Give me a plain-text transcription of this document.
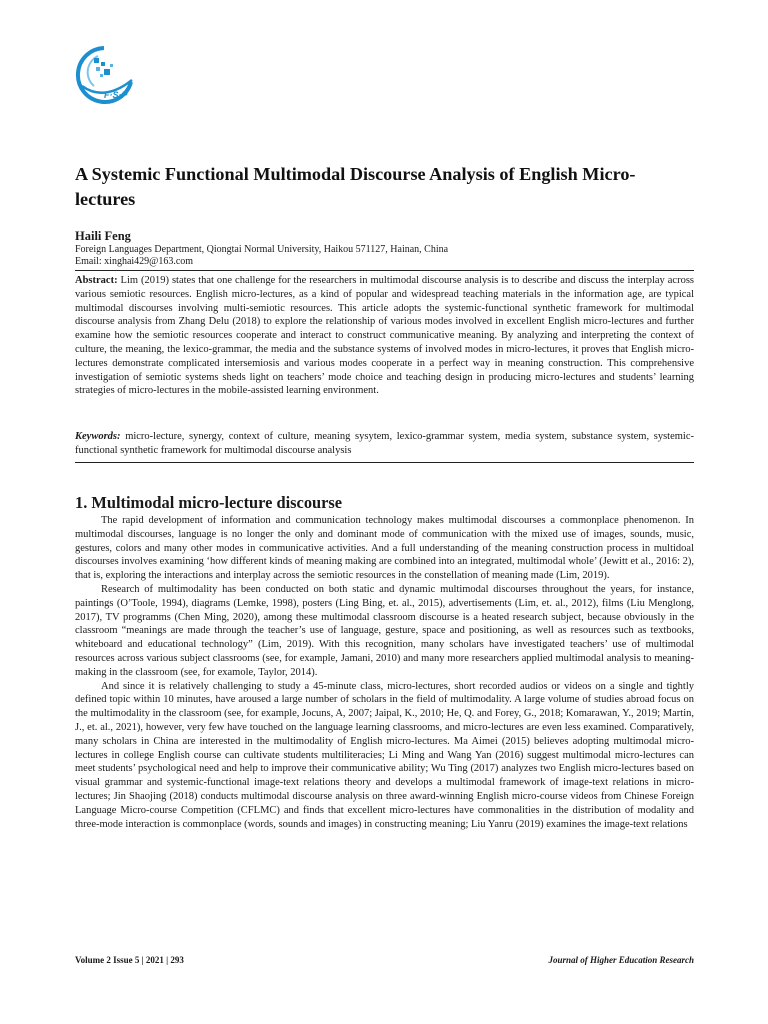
F·S·P
A Systemic Functional Multimodal Discourse Analysis of English Micro-lectures

Haili Feng

Foreign Languages Department, Qiongtai Normal University, Haikou 571127, Hainan, China

Email: xinghai429@163.com

Abstract: Lim (2019) states that one challenge for the researchers in multimodal discourse analysis is to describe and discuss the interplay across various semiotic resources. English micro-lectures, as a kind of popular and widespread teaching materials in the information age, are typical multimodal discourses involving multi-semiotic resources. This article adopts the systemic-functional synthetic framework for multimodal discourse analysis from Zhang Delu (2018) to explore the relationship of various modes involved in excellent English micro-lectures and further examine how the semiotic resources cooperate and interact to construct communicative meaning. By analyzing and interpreting the context of culture, the meaning, the lexico-grammar, the media and the substance systems of involved modes in micro-lectures, it proves that English micro-lectures demonstrate complicated intersemiosis and various modes cooperate in a perfect way in meaning construction. This comprehensive investigation of semiotic systems sheds light on teachers’ mode choice and teaching design in producing micro-lectures and students’ learning strategies of micro-lectures in the mobile-assisted learning environment.

Keywords: micro-lecture, synergy, context of culture, meaning sysytem, lexico-grammar system, media system, substance system, systemic-functional synthetic framework for multimodal discourse analysis

1. Multimodal micro-lecture discourse

The rapid development of information and communication technology makes multimodal discourses a commonplace phenomenon. In multimodal discourses, language is no longer the only and dominant mode of communication with the mixed use of images, sounds, music, gestures, colors and many other modes in communicative activities. And a full understanding of the meaning construction process in multidoal discourses involves examining ‘how different kinds of meaning making are combined into an integrated, multimodal whole’ (Jewitt et al., 2016: 2), that is, exploring the interactions and interplay across the semiotic resources in the constellation of meaning made (Lim, 2019).

Research of multimodality has been conducted on both static and dynamic multimodal discourses throughout the years, for instance, paintings (O’Toole, 1994), diagrams (Lemke, 1998), posters (Ling Bing, et. al., 2015), advertisements (Lim, et. al., 2012), films (Liu Menglong, 2017), TV programms (Chen Ming, 2020), among these multimodal classroom discourse is a heated research subject, because obviously in the classroom “meanings are made through the teacher’s use of language, gesture, space and positioning, as well as resources such as textbooks, whiteboard and educational technology” (Lim, 2019). With this recognition, many scholars have investigated teachers’ use of multimodal resources across various subject classrooms (see, for example, Jamani, 2010) and many more researchers applied multimodal analysis to meaning-making in the classroom (see, for examole, Taylor, 2014).

And since it is relatively challenging to study a 45-minute class, micro-lectures, short recorded audios or videos on a single and tightly defined topic within 10 minutes, have aroused a large number of scholars in the field of multimodality. A large volume of studies abroad focus on the multimodality in the classroom (see, for example, Jocuns, A, 2007; Jaipal, K., 2010; He, Q. and Forey, G., 2018; Komarawan, Y., 2019; Martin, J., et. al., 2021), however, very few have touched on the language learning classrooms, and micro-lectures are even less examined. Comparatively, many scholars in China are interested in the multimodality of English micro-lectures. Ma Aimei (2015) believes adopting multimodal micro-lectures in college English course can cultivate students multiliteracies; Li Ming and Wang Yan (2016) suggest multimodal micro-lectures can meet students’ psychological need and help to improve their communicative ability; Wu Ting (2017) analyzes two English micro-lectures based on visual grammar and systemic-functional image-text relations theory and develops a multimodal framework of image-text relations in micro-lectures; Jin Shaojing (2018) conducts multimodal discourse analysis on three award-winning English micro-course videos from Chinese Foreign Language Micro-course Competition (CFLMC) and finds that excellent micro-lectures have commonalities in the distribution of modality and three-mode interaction is commonplace (words, sounds and images) in constructing meaning; Liu Yanru (2019) examines the image-text relations

Volume 2 Issue 5 | 2021 | 293	Journal of Higher Education Research
